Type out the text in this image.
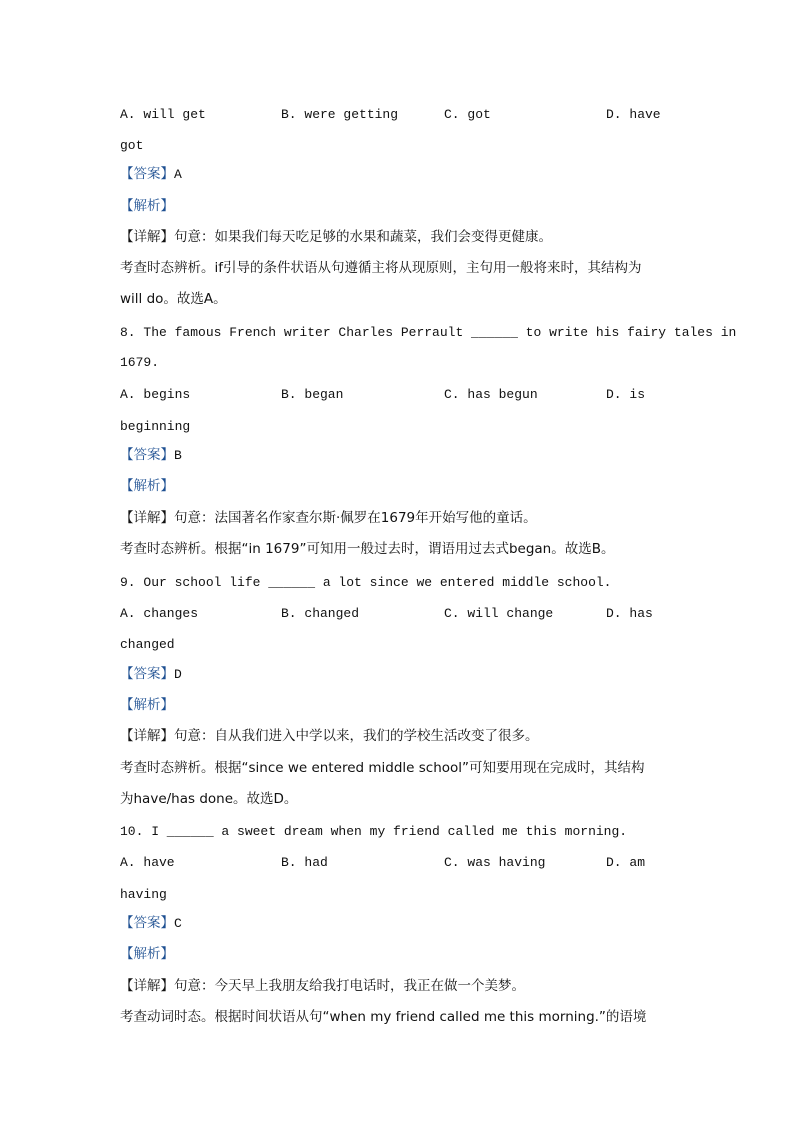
A. will get	B. were getting	C. got	D. have
got
【答案】A
【解析】
【详解】句意：如果我们每天吃足够的水果和蔬菜，我们会变得更健康。
考查时态辨析。if引导的条件状语从句遵循主将从现原则，主句用一般将来时，其结构为
will do。故选A。
8. The famous French writer Charles Perrault ______ to write his fairy tales in
1679.
A. begins	B. began	C. has begun	D. is
beginning
【答案】B
【解析】
【详解】句意：法国著名作家查尔斯·佩罗在1679年开始写他的童话。
考查时态辨析。根据“in 1679”可知用一般过去时，谓语用过去式began。故选B。
9. Our school life ______ a lot since we entered middle school.
A. changes	B. changed	C. will change	D. has
changed
【答案】D
【解析】
【详解】句意：自从我们进入中学以来，我们的学校生活改变了很多。
考查时态辨析。根据“since we entered middle school”可知要用现在完成时，其结构
为have/has done。故选D。
10. I ______ a sweet dream when my friend called me this morning.
A. have	B. had	C. was having	D. am
having
【答案】C
【解析】
【详解】句意：今天早上我朋友给我打电话时，我正在做一个美梦。
考查动词时态。根据时间状语从句“when my friend called me this morning.”的语境
